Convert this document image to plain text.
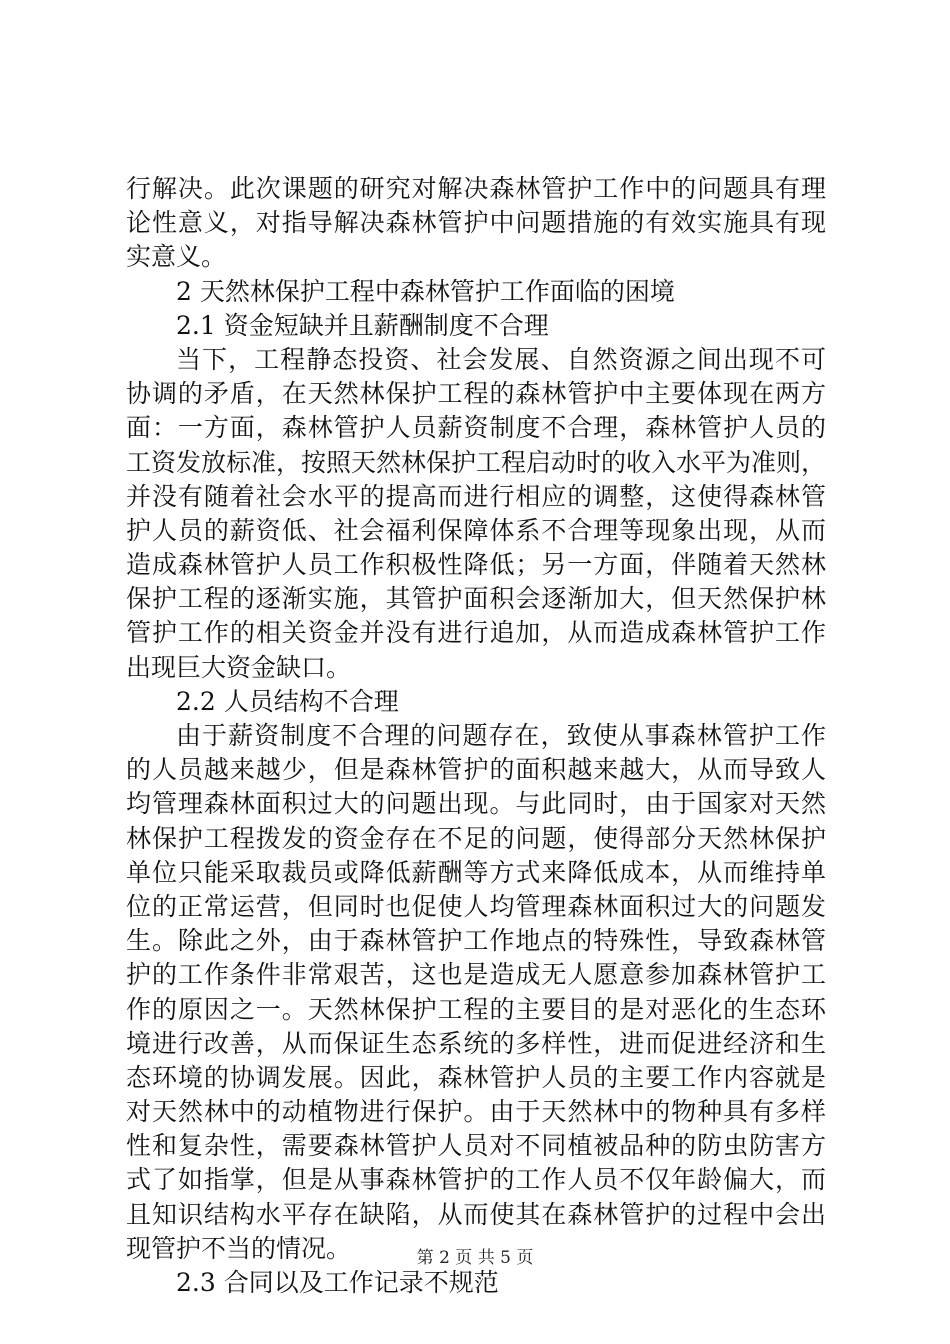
行解决。此次课题的研究对解决森林管护工作中的问题具有理
论性意义，对指导解决森林管护中问题措施的有效实施具有现
实意义。
2 天然林保护工程中森林管护工作面临的困境
2.1 资金短缺并且薪酬制度不合理
当下，工程静态投资、社会发展、自然资源之间出现不可
协调的矛盾，在天然林保护工程的森林管护中主要体现在两方
面：一方面，森林管护人员薪资制度不合理，森林管护人员的
工资发放标准，按照天然林保护工程启动时的收入水平为准则，
并没有随着社会水平的提高而进行相应的调整，这使得森林管
护人员的薪资低、社会福利保障体系不合理等现象出现，从而
造成森林管护人员工作积极性降低；另一方面，伴随着天然林
保护工程的逐渐实施，其管护面积会逐渐加大，但天然保护林
管护工作的相关资金并没有进行追加，从而造成森林管护工作
出现巨大资金缺口。
2.2 人员结构不合理
由于薪资制度不合理的问题存在，致使从事森林管护工作
的人员越来越少，但是森林管护的面积越来越大，从而导致人
均管理森林面积过大的问题出现。与此同时，由于国家对天然
林保护工程拨发的资金存在不足的问题，使得部分天然林保护
单位只能采取裁员或降低薪酬等方式来降低成本，从而维持单
位的正常运营，但同时也促使人均管理森林面积过大的问题发
生。除此之外，由于森林管护工作地点的特殊性，导致森林管
护的工作条件非常艰苦，这也是造成无人愿意参加森林管护工
作的原因之一。天然林保护工程的主要目的是对恶化的生态环
境进行改善，从而保证生态系统的多样性，进而促进经济和生
态环境的协调发展。因此，森林管护人员的主要工作内容就是
对天然林中的动植物进行保护。由于天然林中的物种具有多样
性和复杂性，需要森林管护人员对不同植被品种的防虫防害方
式了如指掌，但是从事森林管护的工作人员不仅年龄偏大，而
且知识结构水平存在缺陷，从而使其在森林管护的过程中会出
现管护不当的情况。
2.3 合同以及工作记录不规范
第 2 页 共 5 页
